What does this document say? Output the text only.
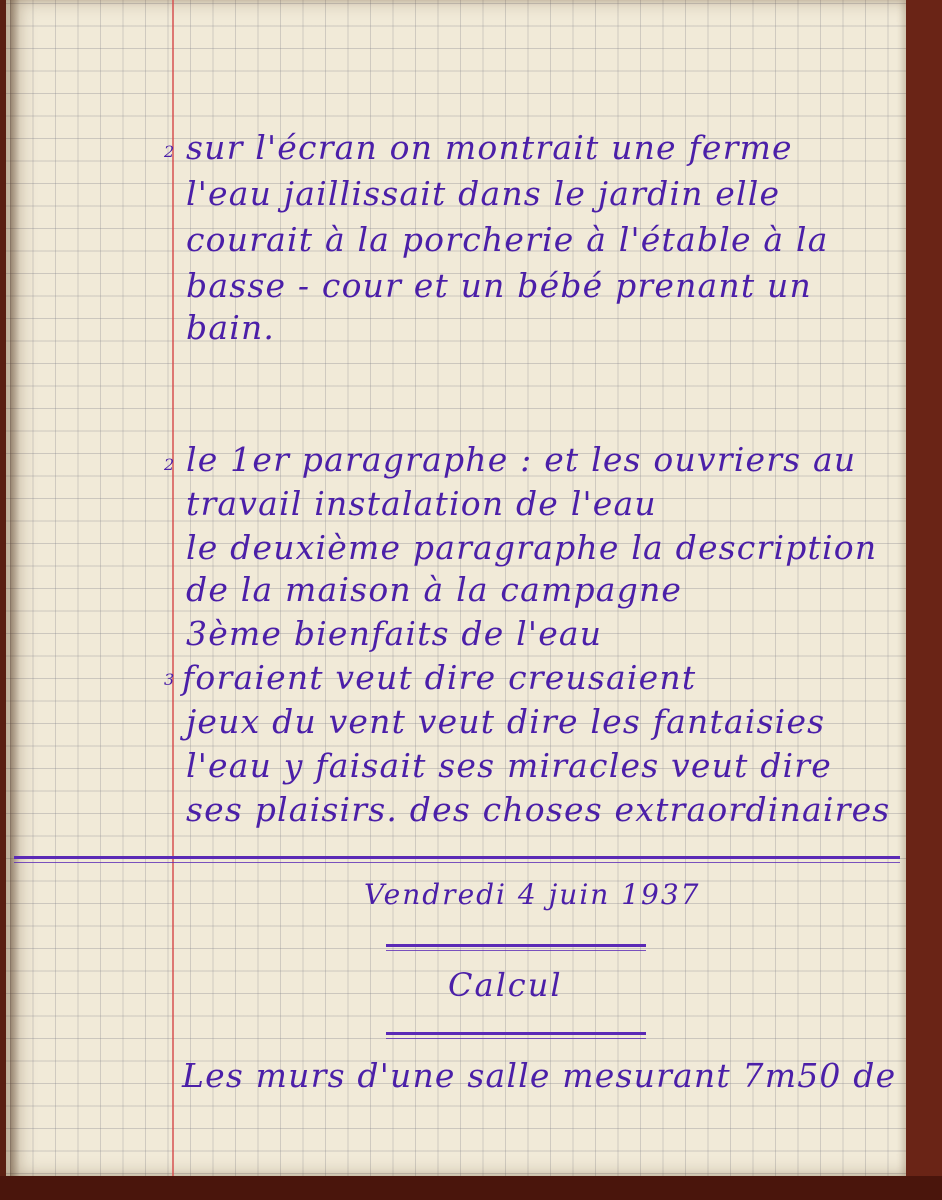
2 sur l'écran on montrait une ferme
l'eau jaillissait dans le jardin elle
courait à la porcherie à l'étable à la
basse - cour et un bébé prenant un
bain.
2 le 1er paragraphe : et les ouvriers au
travail instalation de l'eau
le deuxième paragraphe la description
de la maison à la campagne
3ème bienfaits de l'eau
3 foraient veut dire creusaient
jeux du vent veut dire les fantaisies
l'eau y faisait ses miracles veut dire
ses plaisirs. des choses extraordinaires
Vendredi 4 juin 1937
Calcul
Les murs d'une salle mesurant 7m50 de
